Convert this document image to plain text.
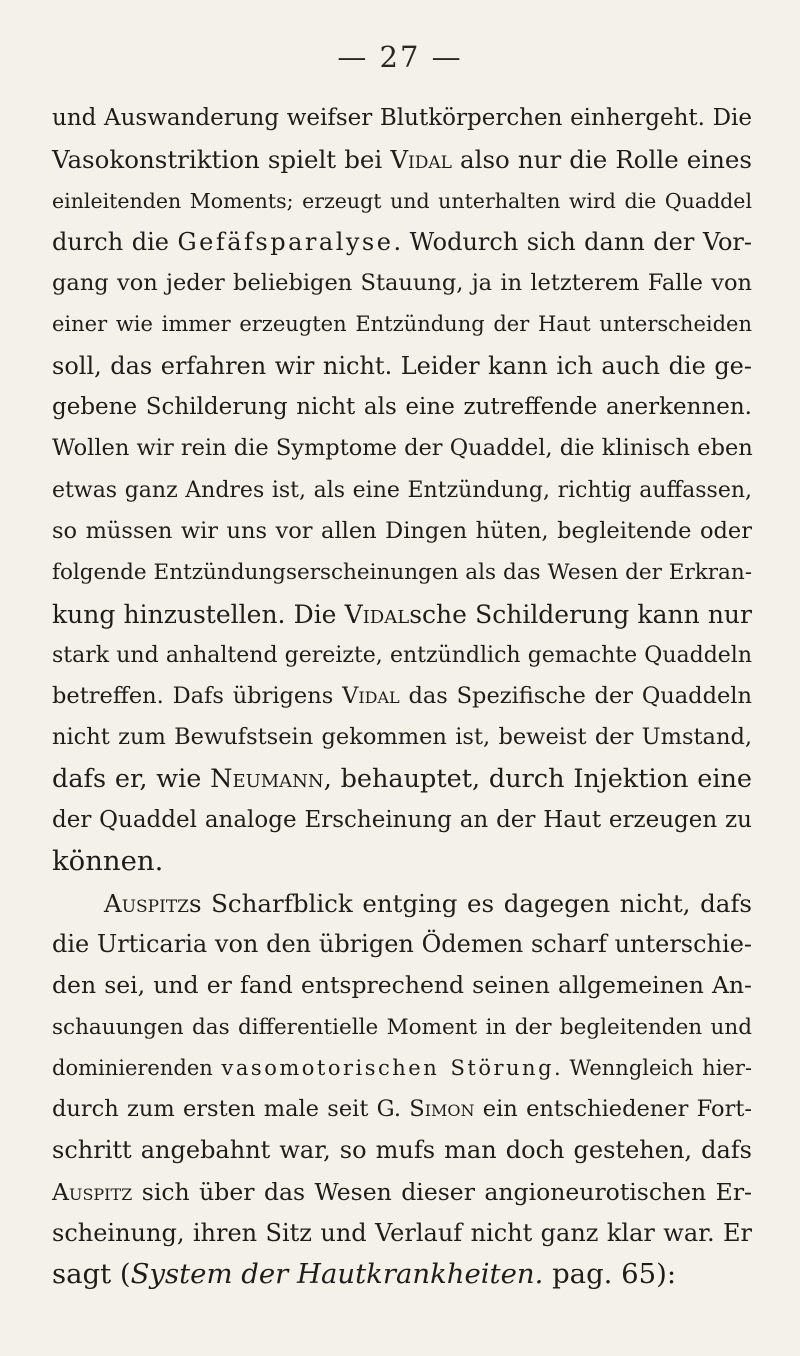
— 27 —
und Auswanderung weifser Blutkörperchen einhergeht. Die
Vasokonstriktion spielt bei Vidal also nur die Rolle eines
einleitenden Moments; erzeugt und unterhalten wird die Quaddel
durch die Gefäfsparalyse. Wodurch sich dann der Vor-
gang von jeder beliebigen Stauung, ja in letzterem Falle von
einer wie immer erzeugten Entzündung der Haut unterscheiden
soll, das erfahren wir nicht. Leider kann ich auch die ge-
gebene Schilderung nicht als eine zutreffende anerkennen.
Wollen wir rein die Symptome der Quaddel, die klinisch eben
etwas ganz Andres ist, als eine Entzündung, richtig auffassen,
so müssen wir uns vor allen Dingen hüten, begleitende oder
folgende Entzündungserscheinungen als das Wesen der Erkran-
kung hinzustellen. Die Vidalsche Schilderung kann nur
stark und anhaltend gereizte, entzündlich gemachte Quaddeln
betreffen. Dafs übrigens Vidal das Spezifische der Quaddeln
nicht zum Bewufstsein gekommen ist, beweist der Umstand,
dafs er, wie Neumann, behauptet, durch Injektion eine
der Quaddel analoge Erscheinung an der Haut erzeugen zu
können.
Auspitzs Scharfblick entging es dagegen nicht, dafs
die Urticaria von den übrigen Ödemen scharf unterschie-
den sei, und er fand entsprechend seinen allgemeinen An-
schauungen das differentielle Moment in der begleitenden und
dominierenden vasomotorischen Störung. Wenngleich hier-
durch zum ersten male seit G. Simon ein entschiedener Fort-
schritt angebahnt war, so mufs man doch gestehen, dafs
Auspitz sich über das Wesen dieser angioneurotischen Er-
scheinung, ihren Sitz und Verlauf nicht ganz klar war. Er
sagt (System der Hautkrankheiten. pag. 65):
